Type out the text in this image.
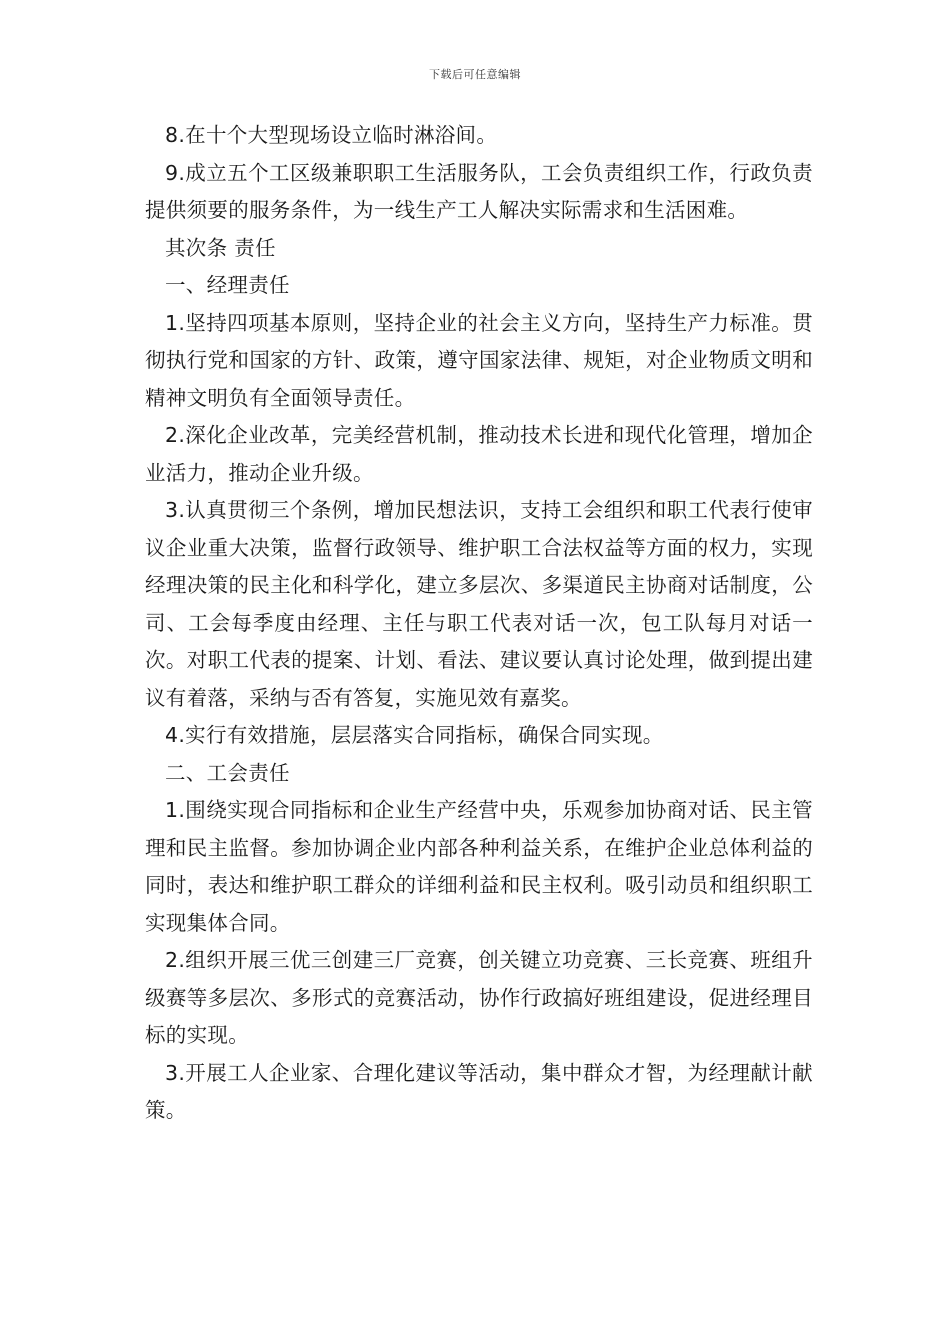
下载后可任意编辑

8.在十个大型现场设立临时淋浴间。

9.成立五个工区级兼职职工生活服务队，工会负责组织工作，行政负责提供须要的服务条件，为一线生产工人解决实际需求和生活困难。

其次条 责任

一、经理责任

1.坚持四项基本原则，坚持企业的社会主义方向，坚持生产力标准。贯彻执行党和国家的方针、政策，遵守国家法律、规矩，对企业物质文明和精神文明负有全面领导责任。

2.深化企业改革，完美经营机制，推动技术长进和现代化管理，增加企业活力，推动企业升级。

3.认真贯彻三个条例，增加民想法识，支持工会组织和职工代表行使审议企业重大决策，监督行政领导、维护职工合法权益等方面的权力，实现经理决策的民主化和科学化，建立多层次、多渠道民主协商对话制度，公司、工会每季度由经理、主任与职工代表对话一次，包工队每月对话一次。对职工代表的提案、计划、看法、建议要认真讨论处理，做到提出建议有着落，采纳与否有答复，实施见效有嘉奖。

4.实行有效措施，层层落实合同指标，确保合同实现。

二、工会责任

1.围绕实现合同指标和企业生产经营中央，乐观参加协商对话、民主管理和民主监督。参加协调企业内部各种利益关系，在维护企业总体利益的同时，表达和维护职工群众的详细利益和民主权利。吸引动员和组织职工实现集体合同。

2.组织开展三优三创建三厂竞赛，创关键立功竞赛、三长竞赛、班组升级赛等多层次、多形式的竞赛活动，协作行政搞好班组建设，促进经理目标的实现。

3.开展工人企业家、合理化建议等活动，集中群众才智，为经理献计献策。
